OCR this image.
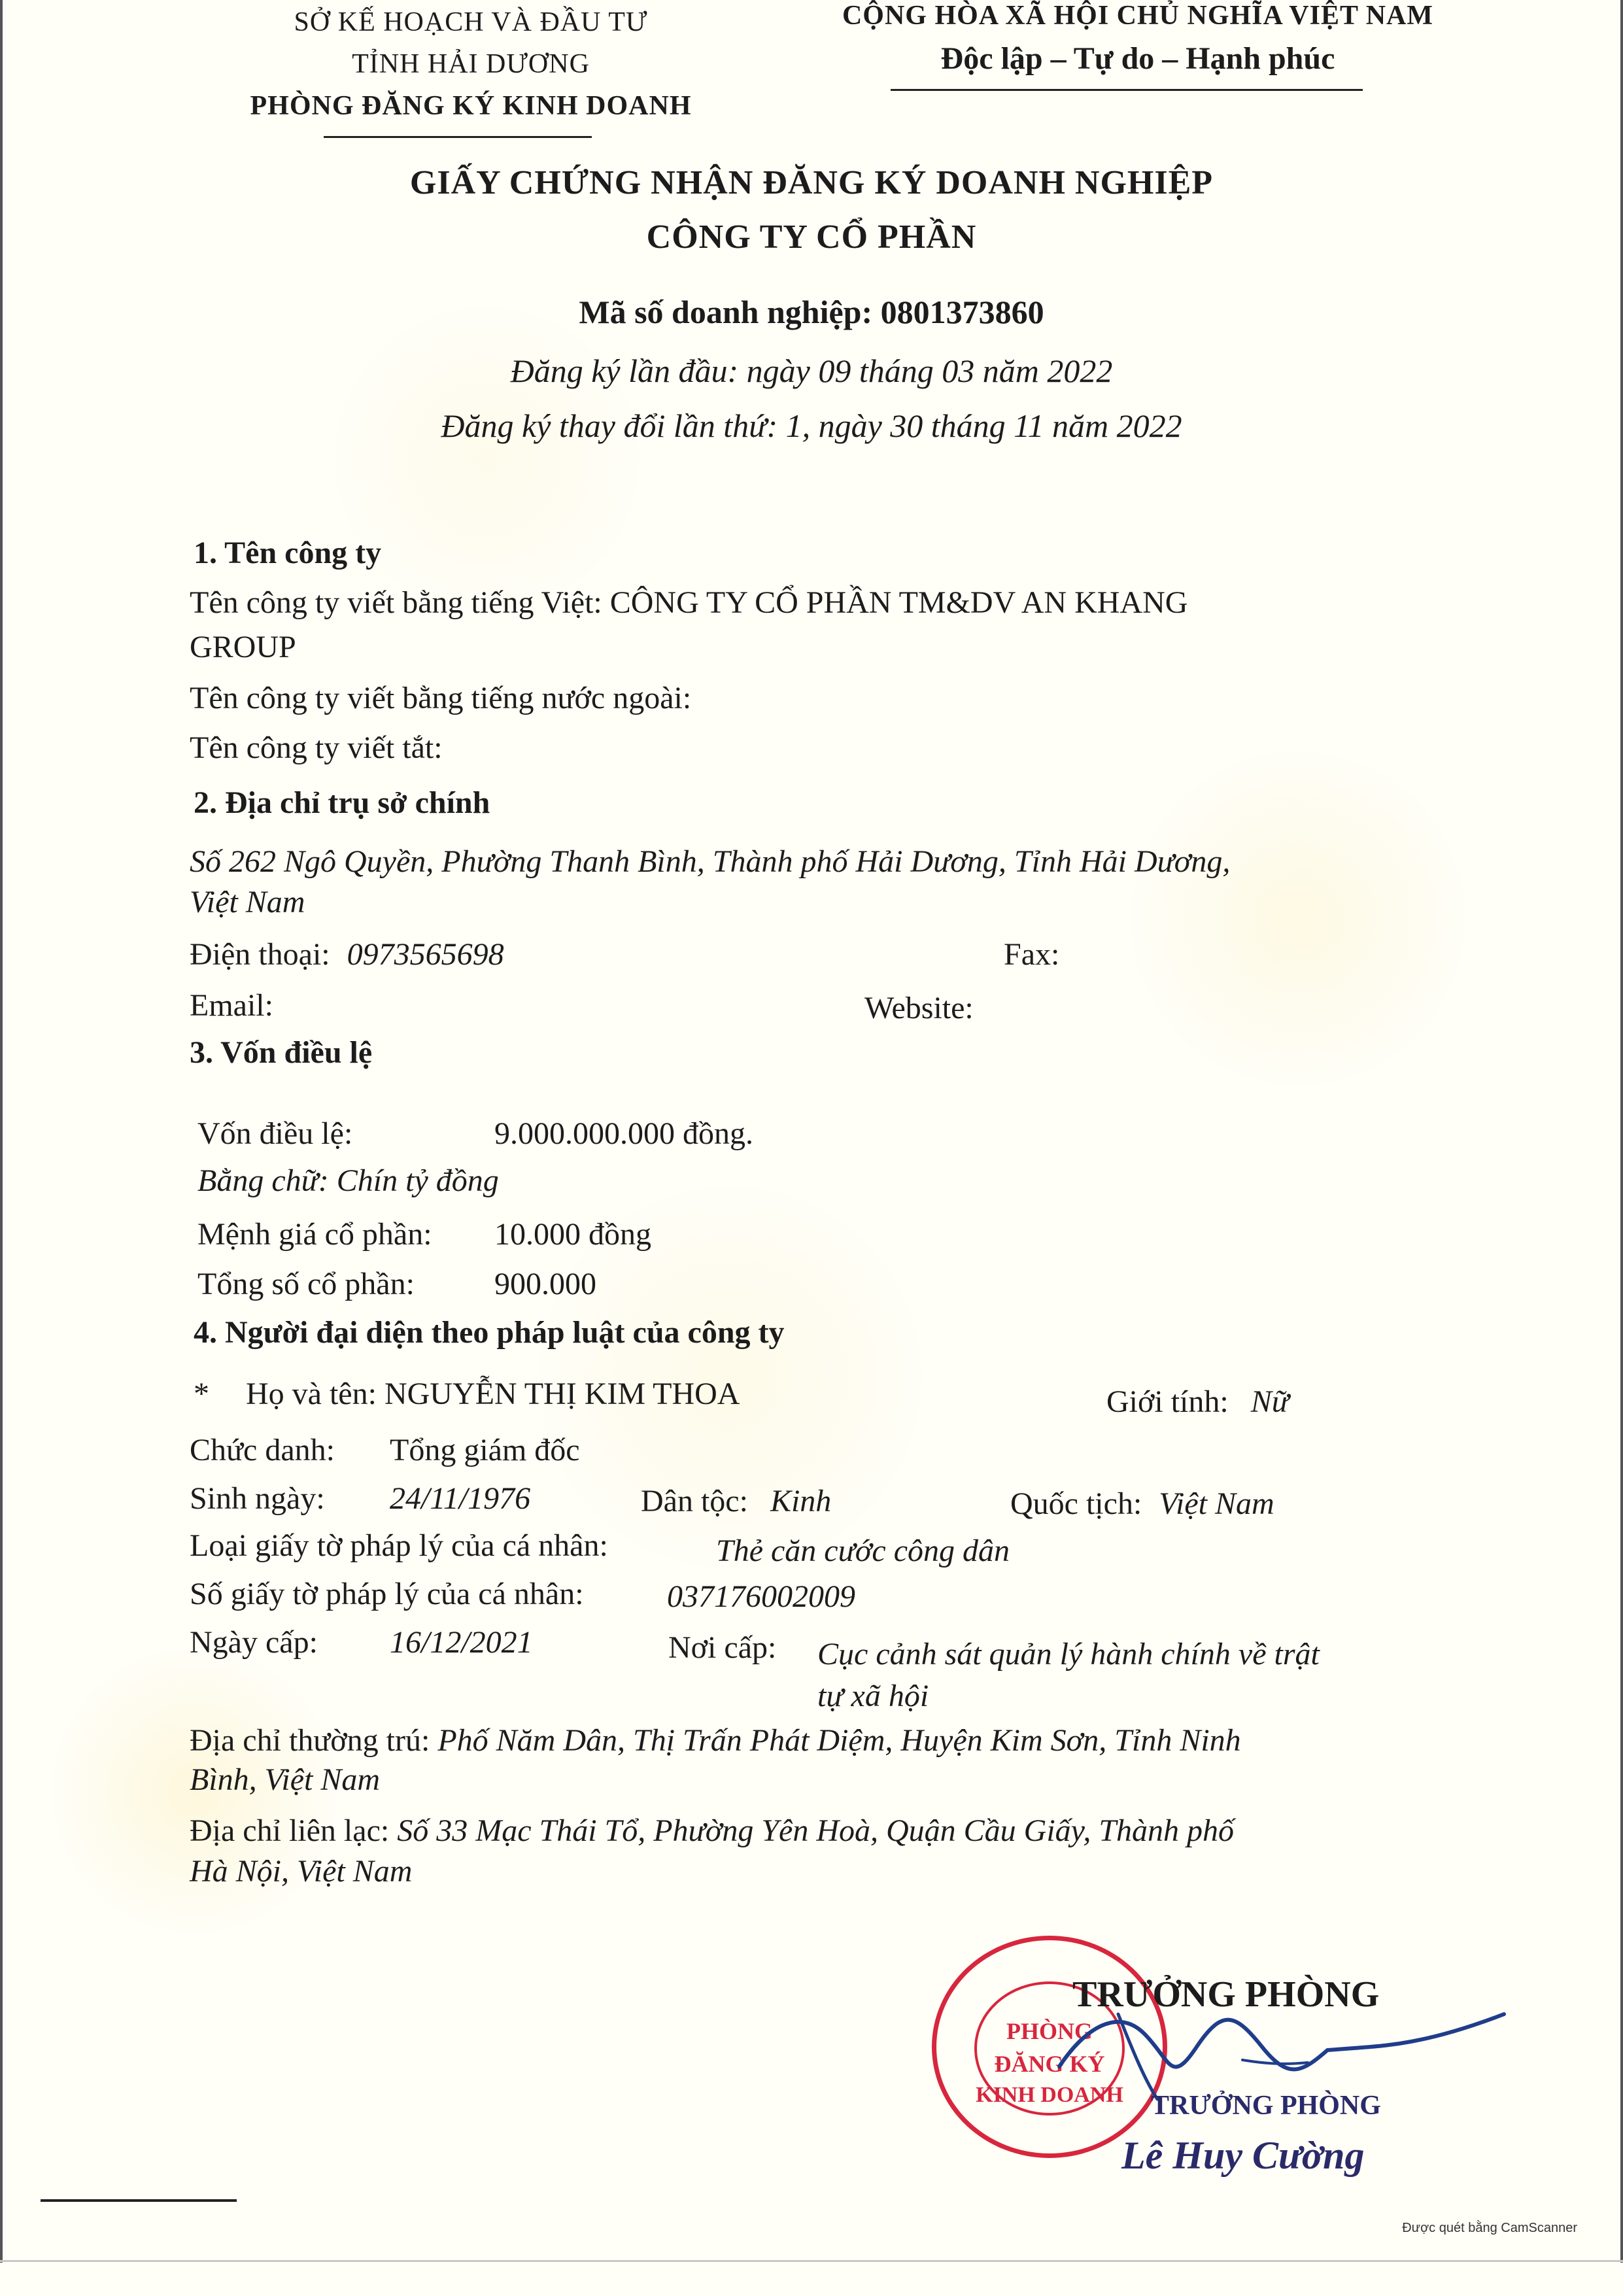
SỞ KẾ HOẠCH VÀ ĐẦU TƯ
TỈNH HẢI DƯƠNG
PHÒNG ĐĂNG KÝ KINH DOANH
CỘNG HÒA XÃ HỘI CHỦ NGHĨA VIỆT NAM
Độc lập – Tự do – Hạnh phúc
GIẤY CHỨNG NHẬN ĐĂNG KÝ DOANH NGHIỆP
CÔNG TY CỔ PHẦN
Mã số doanh nghiệp: 0801373860
Đăng ký lần đầu: ngày 09 tháng 03 năm 2022
Đăng ký thay đổi lần thứ: 1, ngày 30 tháng 11 năm 2022
1. Tên công ty
Tên công ty viết bằng tiếng Việt: CÔNG TY CỔ PHẦN TM&DV AN KHANG
GROUP
Tên công ty viết bằng tiếng nước ngoài:
Tên công ty viết tắt:
2. Địa chỉ trụ sở chính
Số 262 Ngô Quyền, Phường Thanh Bình, Thành phố Hải Dương, Tỉnh Hải Dương,
Việt Nam
Điện thoại: 0973565698	Fax:
Email:	Website:
3. Vốn điều lệ
Vốn điều lệ:	9.000.000.000 đồng.
Bằng chữ: Chín tỷ đồng
Mệnh giá cổ phần: 10.000 đồng
Tổng số cổ phần:	900.000
4. Người đại diện theo pháp luật của công ty
* Họ và tên: NGUYỄN THỊ KIM THOA	Giới tính: Nữ
Chức danh: Tổng giám đốc
Sinh ngày: 24/11/1976	Dân tộc: Kinh	Quốc tịch: Việt Nam
Loại giấy tờ pháp lý của cá nhân:	Thẻ căn cước công dân
Số giấy tờ pháp lý của cá nhân:	037176002009
Ngày cấp: 16/12/2021	Nơi cấp: Cục cảnh sát quản lý hành chính về trật
tự xã hội
Địa chỉ thường trú: Phố Năm Dân, Thị Trấn Phát Diệm, Huyện Kim Sơn, Tỉnh Ninh
Bình, Việt Nam
Địa chỉ liên lạc: Số 33 Mạc Thái Tổ, Phường Yên Hoà, Quận Cầu Giấy, Thành phố
Hà Nội, Việt Nam
PHÒNG
ĐĂNG KÝ
KINH DOANH
TRƯỞNG PHÒNG
TRƯỞNG PHÒNG
Lê Huy Cường
Được quét bằng CamScanner
